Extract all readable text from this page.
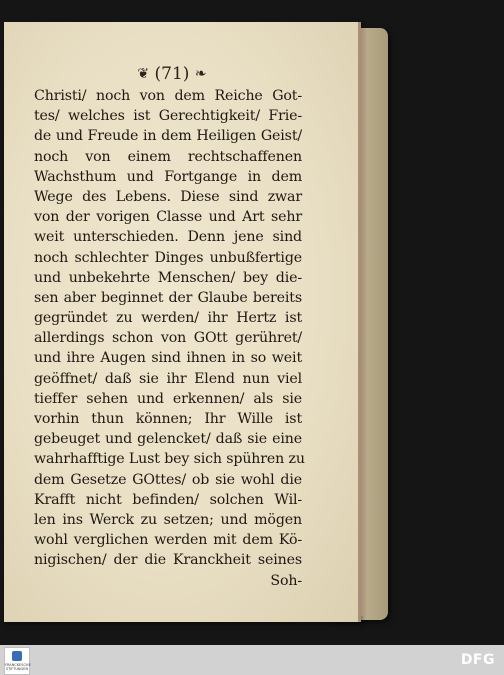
❦ (71) ❧
Christi/ noch von dem Reiche Got-
tes/ welches ist Gerechtigkeit/ Frie-
de und Freude in dem Heiligen Geist/
noch von einem rechtschaffenen
Wachsthum und Fortgange in dem
Wege des Lebens. Diese sind zwar
von der vorigen Classe und Art sehr
weit unterschieden. Denn jene sind
noch schlechter Dinges unbußfertige
und unbekehrte Menschen/ bey die-
sen aber beginnet der Glaube bereits
gegründet zu werden/ ihr Hertz ist
allerdings schon von GOtt gerühret/
und ihre Augen sind ihnen in so weit
geöffnet/ daß sie ihr Elend nun viel
tieffer sehen und erkennen/ als sie
vorhin thun können; Ihr Wille ist
gebeuget und gelencket/ daß sie eine
wahrhafftige Lust bey sich spühren zu
dem Gesetze GOttes/ ob sie wohl die
Krafft nicht befinden/ solchen Wil-
len ins Werck zu setzen; und mögen
wohl verglichen werden mit dem Kö-
nigischen/ der die Kranckheit seines
Soh-
FRANCKESCHE STIFTUNGEN
DFG
